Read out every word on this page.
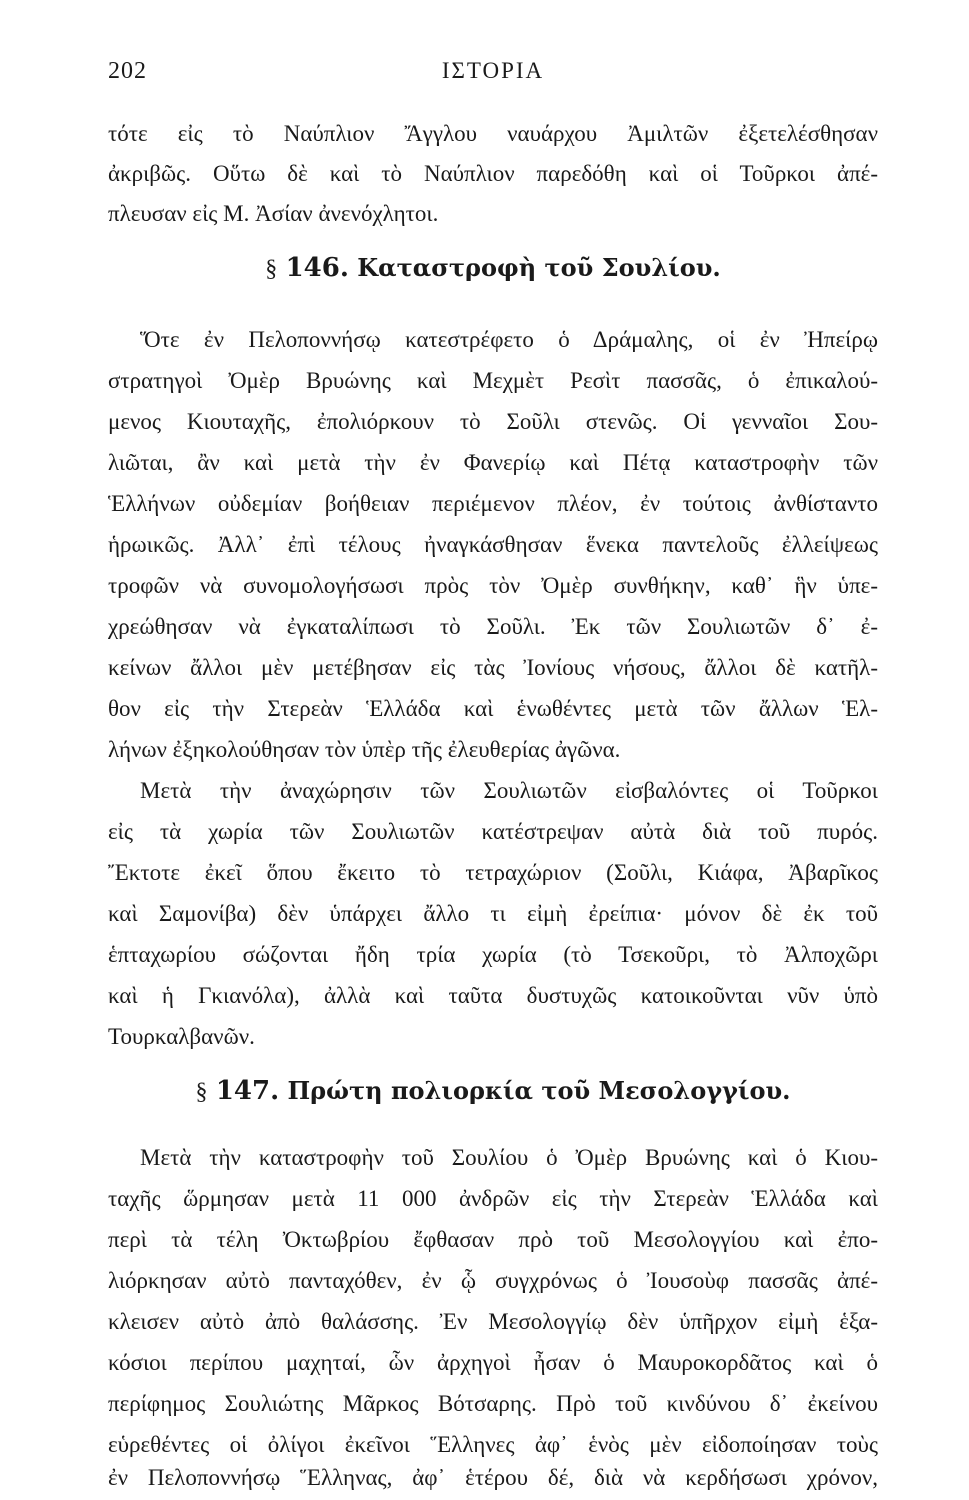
202	ΙΣΤΟΡΙΑ
τότε εἰς τὸ Ναύπλιον Ἄγγλου ναυάρχου Ἀμιλτῶν ἐξετελέσθησαν
ἀκριβῶς. Οὕτω δὲ καὶ τὸ Ναύπλιον παρεδόθη καὶ οἱ Τοῦρκοι ἀπέ-
πλευσαν εἰς Μ. Ἀσίαν ἀνενόχλητοι.
§ 146. Καταστροφὴ τοῦ Σουλίου.
Ὅτε ἐν Πελοποννήσῳ κατεστρέφετο ὁ Δράμαλης, οἱ ἐν Ἠπείρῳ
στρατηγοὶ Ὀμὲρ Βρυώνης καὶ Μεχμὲτ Ρεσὶτ πασσᾶς, ὁ ἐπικαλού-
μενος Κιουταχῆς, ἐπολιόρκουν τὸ Σοῦλι στενῶς. Οἱ γενναῖοι Σου-
λιῶται, ἂν καὶ μετὰ τὴν ἐν Φανερίῳ καὶ Πέτᾳ καταστροφὴν τῶν
Ἑλλήνων οὐδεμίαν βοήθειαν περιέμενον πλέον, ἐν τούτοις ἀνθίσταντο
ἡρωικῶς. Ἀλλ᾽ ἐπὶ τέλους ἠναγκάσθησαν ἕνεκα παντελοῦς ἐλλείψεως
τροφῶν νὰ συνομολογήσωσι πρὸς τὸν Ὀμὲρ συνθήκην, καθ᾽ ἣν ὑπε-
χρεώθησαν νὰ ἐγκαταλίπωσι τὸ Σοῦλι. Ἐκ τῶν Σουλιωτῶν δ᾽ ἐ-
κείνων ἄλλοι μὲν μετέβησαν εἰς τὰς Ἰονίους νήσους, ἄλλοι δὲ κατῆλ-
θον εἰς τὴν Στερεὰν Ἑλλάδα καὶ ἑνωθέντες μετὰ τῶν ἄλλων Ἑλ-
λήνων ἐξηκολούθησαν τὸν ὑπὲρ τῆς ἐλευθερίας ἀγῶνα.
Μετὰ τὴν ἀναχώρησιν τῶν Σουλιωτῶν εἰσβαλόντες οἱ Τοῦρκοι
εἰς τὰ χωρία τῶν Σουλιωτῶν κατέστρεψαν αὐτὰ διὰ τοῦ πυρός.
Ἔκτοτε ἐκεῖ ὅπου ἔκειτο τὸ τετραχώριον (Σοῦλι, Κιάφα, Ἀβαρῖκος
καὶ Σαμονίβα) δὲν ὑπάρχει ἄλλο τι εἰμὴ ἐρείπια· μόνον δὲ ἐκ τοῦ
ἑπταχωρίου σώζονται ἤδη τρία χωρία (τὸ Τσεκοῦρι, τὸ Ἀλποχῶρι
καὶ ἡ Γκιανόλα), ἀλλὰ καὶ ταῦτα δυστυχῶς κατοικοῦνται νῦν ὑπὸ
Τουρκαλβανῶν.
§ 147. Πρώτη πολιορκία τοῦ Μεσολογγίου.
Μετὰ τὴν καταστροφὴν τοῦ Σουλίου ὁ Ὀμὲρ Βρυώνης καὶ ὁ Κιου-
ταχῆς ὥρμησαν μετὰ 11 000 ἀνδρῶν εἰς τὴν Στερεὰν Ἑλλάδα καὶ
περὶ τὰ τέλη Ὀκτωβρίου ἔφθασαν πρὸ τοῦ Μεσολογγίου καὶ ἐπο-
λιόρκησαν αὐτὸ πανταχόθεν, ἐν ᾧ συγχρόνως ὁ Ἰουσοὺφ πασσᾶς ἀπέ-
κλεισεν αὐτὸ ἀπὸ θαλάσσης. Ἐν Μεσολογγίῳ δὲν ὑπῆρχον εἰμὴ ἑξα-
κόσιοι περίπου μαχηταί, ὧν ἀρχηγοὶ ἦσαν ὁ Μαυροκορδᾶτος καὶ ὁ
περίφημος Σουλιώτης Μᾶρκος Βότσαρης. Πρὸ τοῦ κινδύνου δ᾽ ἐκείνου
εὑρεθέντες οἱ ὀλίγοι ἐκεῖνοι Ἕλληνες ἀφ᾽ ἑνὸς μὲν εἰδοποίησαν τοὺς
ἐν Πελοποννήσῳ Ἕλληνας, ἀφ᾽ ἑτέρου δέ, διὰ νὰ κερδήσωσι χρόνον,
